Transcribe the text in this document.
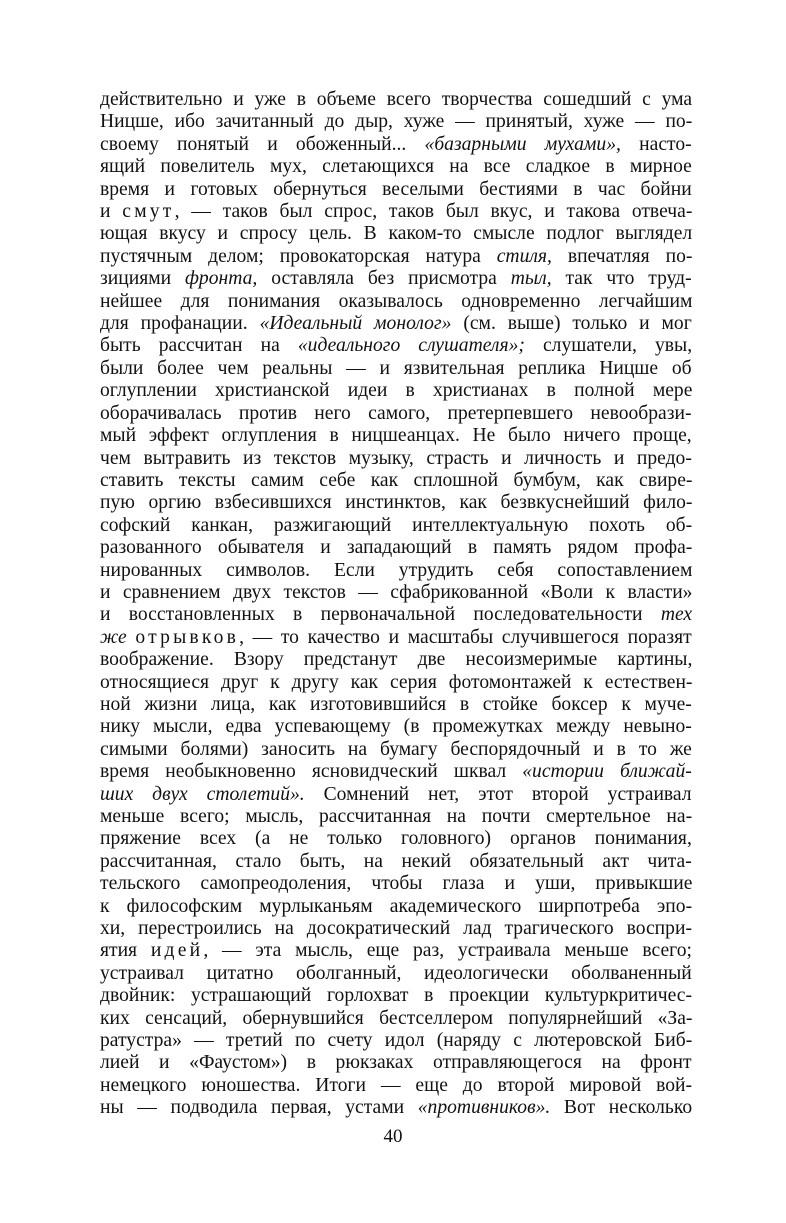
действительно и уже в объеме всего творчества сошедший с ума
Ницше, ибо зачитанный до дыр, хуже — принятый, хуже — по-
своему понятый и обоженный... «базарными мухами», насто-
ящий повелитель мух, слетающихся на все сладкое в мирное
время и готовых обернуться веселыми бестиями в час бойни
и смут, — таков был спрос, таков был вкус, и такова отвеча-
ющая вкусу и спросу цель. В каком-то смысле подлог выглядел
пустячным делом; провокаторская натура стиля, впечатляя по-
зициями фронта, оставляла без присмотра тыл, так что труд-
нейшее для понимания оказывалось одновременно легчайшим
для профанации. «Идеальный монолог» (см. выше) только и мог
быть рассчитан на «идеального слушателя»; слушатели, увы,
были более чем реальны — и язвительная реплика Ницше об
оглуплении христианской идеи в христианах в полной мере
оборачивалась против него самого, претерпевшего невообрази-
мый эффект оглупления в ницшеанцах. Не было ничего проще,
чем вытравить из текстов музыку, страсть и личность и предо-
ставить тексты самим себе как сплошной бумбум, как свире-
пую оргию взбесившихся инстинктов, как безвкуснейший фило-
софский канкан, разжигающий интеллектуальную похоть об-
разованного обывателя и западающий в память рядом профа-
нированных символов. Если утрудить себя сопоставлением
и сравнением двух текстов — сфабрикованной «Воли к власти»
и восстановленных в первоначальной последовательности тех
же отрывков, — то качество и масштабы случившегося поразят
воображение. Взору предстанут две несоизмеримые картины,
относящиеся друг к другу как серия фотомонтажей к естествен-
ной жизни лица, как изготовившийся в стойке боксер к муче-
нику мысли, едва успевающему (в промежутках между невыно-
симыми болями) заносить на бумагу беспорядочный и в то же
время необыкновенно ясновидческий шквал «истории ближай-
ших двух столетий». Сомнений нет, этот второй устраивал
меньше всего; мысль, рассчитанная на почти смертельное на-
пряжение всех (а не только головного) органов понимания,
рассчитанная, стало быть, на некий обязательный акт чита-
тельского самопреодоления, чтобы глаза и уши, привыкшие
к философским мурлыканьям академического ширпотреба эпо-
хи, перестроились на досократический лад трагического воспри-
ятия идей, — эта мысль, еще раз, устраивала меньше всего;
устраивал цитатно оболганный, идеологически оболваненный
двойник: устрашающий горлохват в проекции культуркритичес-
ких сенсаций, обернувшийся бестселлером популярнейший «За-
ратустра» — третий по счету идол (наряду с лютеровской Биб-
лией и «Фаустом») в рюкзаках отправляющегося на фронт
немецкого юношества. Итоги — еще до второй мировой вой-
ны — подводила первая, устами «противников». Вот несколько
40
